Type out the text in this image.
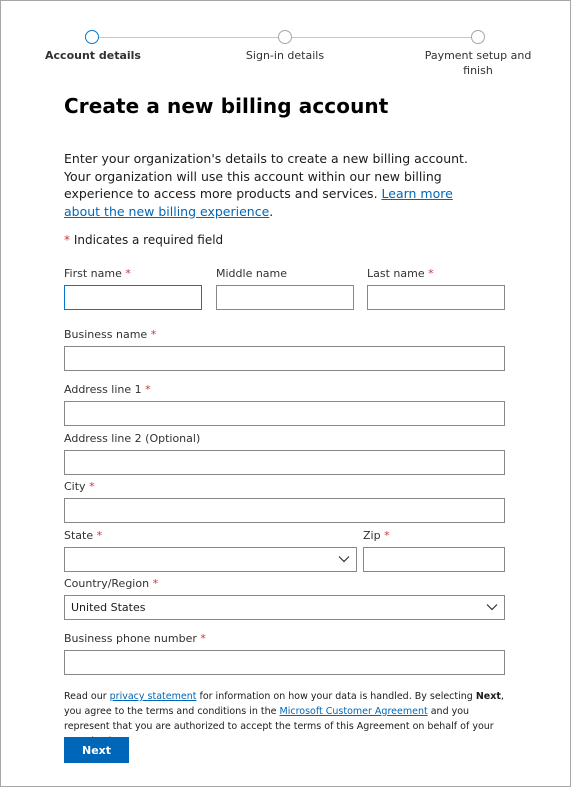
Account details	Sign-in details	Payment setup and finish
Create a new billing account
Enter your organization's details to create a new billing account. Your organization will use this account within our new billing experience to access more products and services. Learn more about the new billing experience.
* Indicates a required field
First name *	Middle name	Last name *
Business name *
Address line 1 *
Address line 2 (Optional)
City *
State *	Zip *
Country/Region *
United States
Business phone number *
Read our privacy statement for information on how your data is handled. By selecting Next, you agree to the terms and conditions in the Microsoft Customer Agreement and you represent that you are authorized to accept the terms of this Agreement on behalf of your
Next
